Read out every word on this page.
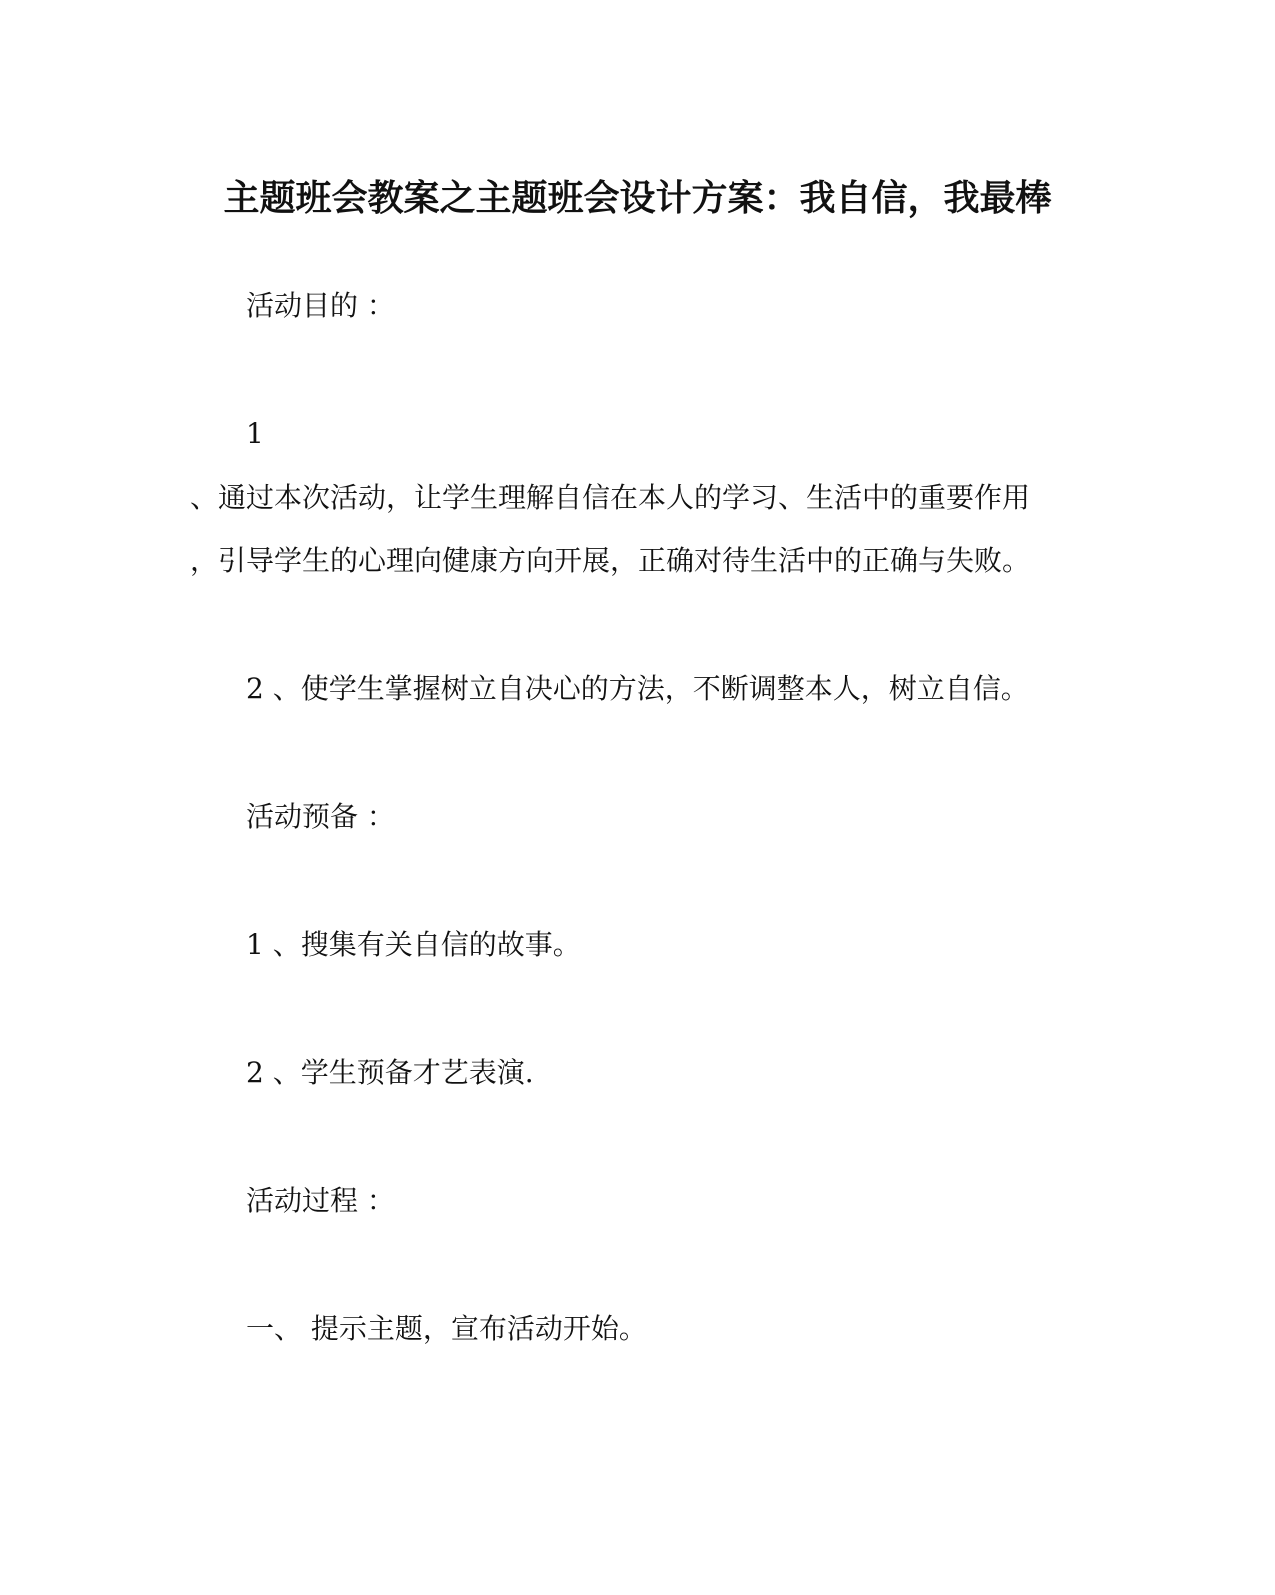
主题班会教案之主题班会设计方案：我自信，我最棒
活动目的 ：
1
、通过本次活动，让学生理解自信在本人的学习、生活中的重要作用
，引导学生的心理向健康方向开展，正确对待生活中的正确与失败。
2 、使学生掌握树立自决心的方法，不断调整本人，树立自信。
活动预备 ：
1 、搜集有关自信的故事。
2 、学生预备才艺表演.
活动过程 ：
一、 提示主题，宣布活动开始。
